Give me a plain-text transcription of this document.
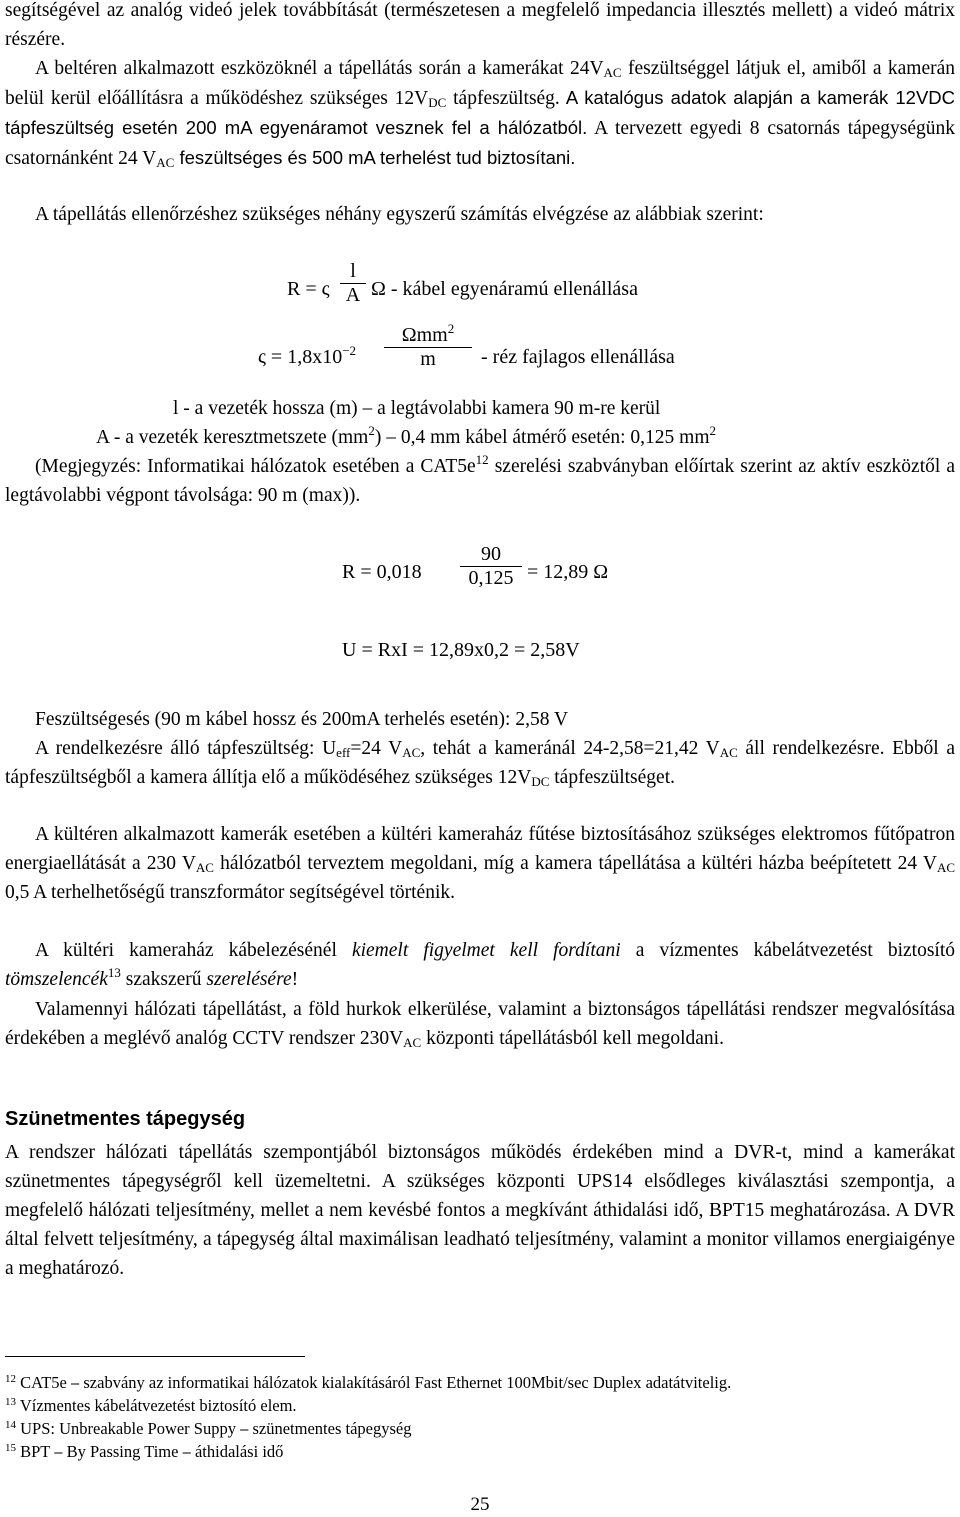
segítségével az analóg videó jelek továbbítását (természetesen a megfelelő impedancia illesztés mellett) a videó mátrix részére.

A beltéren alkalmazott eszközöknél a tápellátás során a kamerákat $24V_{AC}$ feszültséggel látjuk el, amiből a kamerán belül kerül előállításra a működéshez szükséges $12V_{DC}$ tápfeszültség. A katalógus adatok alapján a kamerák 12VDC tápfeszültség esetén 200 mA egyenáramot vesznek fel a hálózatból. A tervezett egyedi 8 csatornás tápegységünk csatornánként 24 $V_{AC}$ feszültséges és 500 mA terhelést tud biztosítani.

A tápellátás ellenőrzéshez szükséges néhány egyszerű számítás elvégzése az alábbiak szerint:

R = ς
l
A Ω - kábel egyenáramú ellenállása
$\varsigma = 1,8x10^{-2}$
Ωmm$^2$
m	- réz fajlagos ellenállása
l - a vezeték hossza (m) ⎯ a legtávolabbi kamera 90 m-re kerül
A - a vezeték keresztmetszete $(mm^2)$ ⎯ 0,4 mm kábel átmérő esetén: 0,125 $mm^2$

(Megjegyzés: Informatikai hálózatok esetében a $CAT5e^{12}$ szerelési szabványban előírtak szerint az aktív eszköztől a legtávolabbi végpont távolsága: 90 m (max)).

R = 0,018
90
0,125 = 12,89 Ω
U = RxI = 12,89x0,2 = 2,58V

Feszültségesés (90 m kábel hossz és 200mA terhelés esetén): 2,58 V

A rendelkezésre álló tápfeszültség: $U_{eff}=24$ $V_{AC}$, tehát a kameránál 24-2,58=21,42 $V_{AC}$ áll rendelkezésre. Ebből a tápfeszültségből a kamera állítja elő a működéséhez szükséges $12V_{DC}$ tápfeszültséget.

A kültéren alkalmazott kamerák esetében a kültéri kameraház fűtése biztosításához szükséges elektromos fűtőpatron energiaellátását a 230 $V_{AC}$ hálózatból terveztem megoldani, míg a kamera tápellátása a kültéri házba beépítetett 24 $V_{AC}$ 0,5 A terhelhetőségű transzformátor segítségével történik.

A kültéri kameraház kábelezésénél kiemelt figyelmet kell fordítani a vízmentes kábelátvezetést biztosító tömszelencék$^{13}$ szakszerű szerelésére!

Valamennyi hálózati tápellátást, a föld hurkok elkerülése, valamint a biztonságos tápellátási rendszer megvalósítása érdekében a meglévő analóg CCTV rendszer $230V_{AC}$ központi tápellátásból kell megoldani.

Szünetmentes tápegység

A rendszer hálózati tápellátás szempontjából biztonságos működés érdekében mind a DVR-t, mind a kamerákat szünetmentes tápegységről kell üzemeltetni. A szükséges központi UPS14 elsődleges kiválasztási szempontja, a megfelelő hálózati teljesítmény, mellet a nem kevésbé fontos a megkívánt áthidalási idő, BPT15 meghatározása. A DVR által felvett teljesítmény, a tápegység által maximálisan leadható teljesítmény, valamint a monitor villamos energiaigénye a meghatározó.

$^{12}$ CAT5e ⎯ szabvány az informatikai hálózatok kialakításáról Fast Ethernet 100Mbit/sec Duplex adatátvitelig.
$^{13}$ Vízmentes kábelátvezetést biztosító elem.
$^{14}$ UPS: Unbreakable Power Suppy ⎯ szünetmentes tápegység
$^{15}$ BPT ⎯ By Passing Time ⎯ áthidalási idő
25
